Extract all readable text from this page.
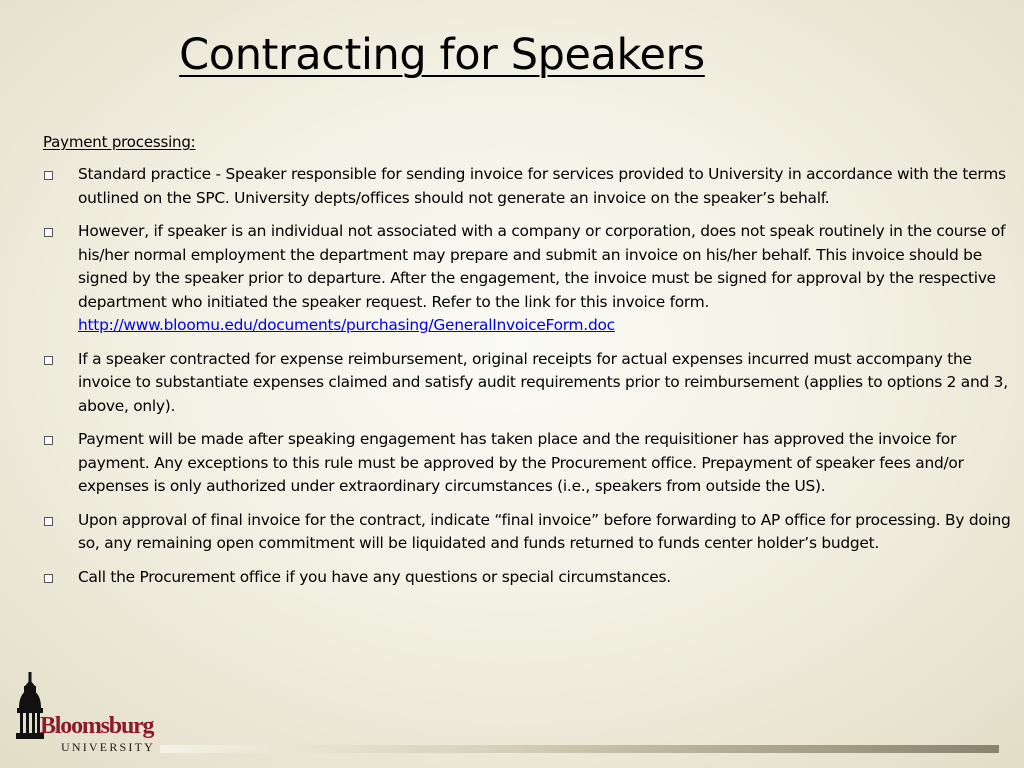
Contracting for Speakers
Payment processing:
Standard practice - Speaker responsible for sending invoice for services provided to University in accordance with the terms outlined on the SPC. University depts/offices should not generate an invoice on the speaker’s behalf.
However, if speaker is an individual not associated with a company or corporation, does not speak routinely in the course of his/her normal employment the department may prepare and submit an invoice on his/her behalf. This invoice should be signed by the speaker prior to departure. After the engagement, the invoice must be signed for approval by the respective department who initiated the speaker request. Refer to the link for this invoice form.
http://www.bloomu.edu/documents/purchasing/GeneralInvoiceForm.doc
If a speaker contracted for expense reimbursement, original receipts for actual expenses incurred must accompany the invoice to substantiate expenses claimed and satisfy audit requirements prior to reimbursement (applies to options 2 and 3, above, only).
Payment will be made after speaking engagement has taken place and the requisitioner has approved the invoice for payment. Any exceptions to this rule must be approved by the Procurement office. Prepayment of speaker fees and/or expenses is only authorized under extraordinary circumstances (i.e., speakers from outside the US).
Upon approval of final invoice for the contract, indicate “final invoice” before forwarding to AP office for processing. By doing so, any remaining open commitment will be liquidated and funds returned to funds center holder’s budget.
Call the Procurement office if you have any questions or special circumstances.
Bloomsburg
UNIVERSITY
